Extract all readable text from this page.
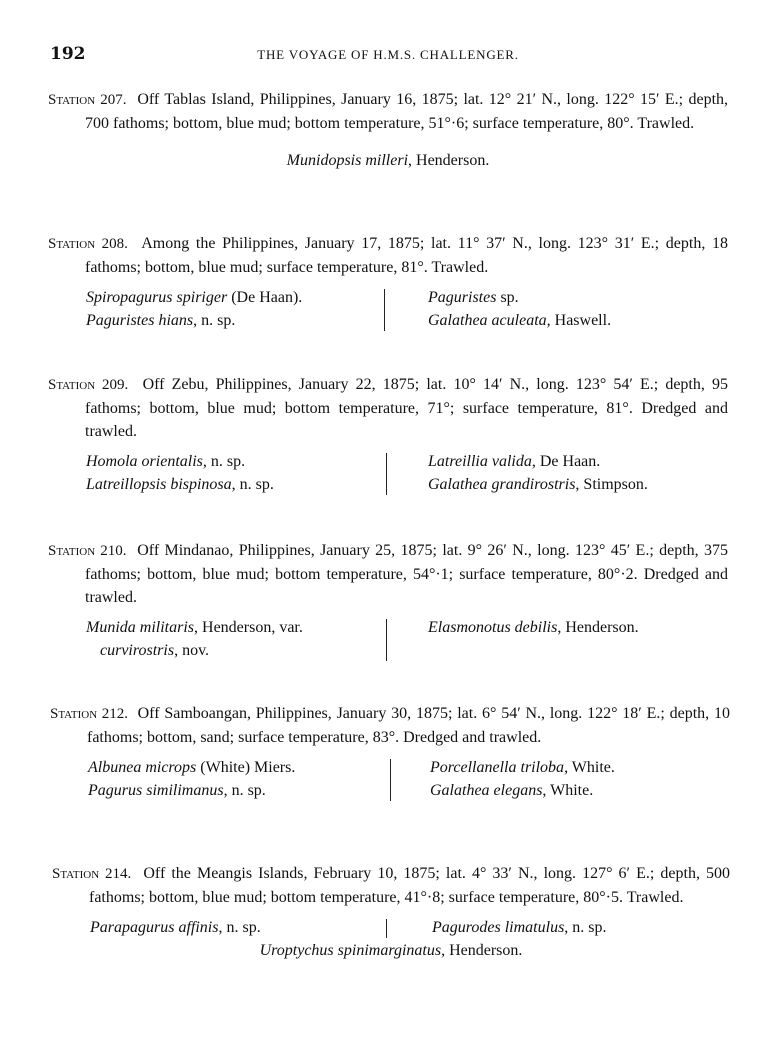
192	THE VOYAGE OF H.M.S. CHALLENGER.
Station 207. Off Tablas Island, Philippines, January 16, 1875; lat. 12° 21′ N., long. 122° 15′ E.; depth, 700 fathoms; bottom, blue mud; bottom temperature, 51°·6; surface temperature, 80°. Trawled.
Munidopsis milleri, Henderson.
Station 208. Among the Philippines, January 17, 1875; lat. 11° 37′ N., long. 123° 31′ E.; depth, 18 fathoms; bottom, blue mud; surface temperature, 81°. Trawled.
Spiropagurus spiriger (De Haan).
Paguristes hians, n. sp.
Paguristes sp.
Galathea aculeata, Haswell.
Station 209. Off Zebu, Philippines, January 22, 1875; lat. 10° 14′ N., long. 123° 54′ E.; depth, 95 fathoms; bottom, blue mud; bottom temperature, 71°; surface temperature, 81°. Dredged and trawled.
Homola orientalis, n. sp.
Latreillopsis bispinosa, n. sp.
Latreillia valida, De Haan.
Galathea grandirostris, Stimpson.
Station 210. Off Mindanao, Philippines, January 25, 1875; lat. 9° 26′ N., long. 123° 45′ E.; depth, 375 fathoms; bottom, blue mud; bottom temperature, 54°·1; surface temperature, 80°·2. Dredged and trawled.
Munida militaris, Henderson, var.
curvirostris, nov.
Elasmonotus debilis, Henderson.
Station 212. Off Samboangan, Philippines, January 30, 1875; lat. 6° 54′ N., long. 122° 18′ E.; depth, 10 fathoms; bottom, sand; surface temperature, 83°. Dredged and trawled.
Albunea microps (White) Miers.
Pagurus similimanus, n. sp.
Porcellanella triloba, White.
Galathea elegans, White.
Station 214. Off the Meangis Islands, February 10, 1875; lat. 4° 33′ N., long. 127° 6′ E.; depth, 500 fathoms; bottom, blue mud; bottom temperature, 41°·8; surface temperature, 80°·5. Trawled.
Parapagurus affinis, n. sp.	Pagurodes limatulus, n. sp.
Uroptychus spinimarginatus, Henderson.
